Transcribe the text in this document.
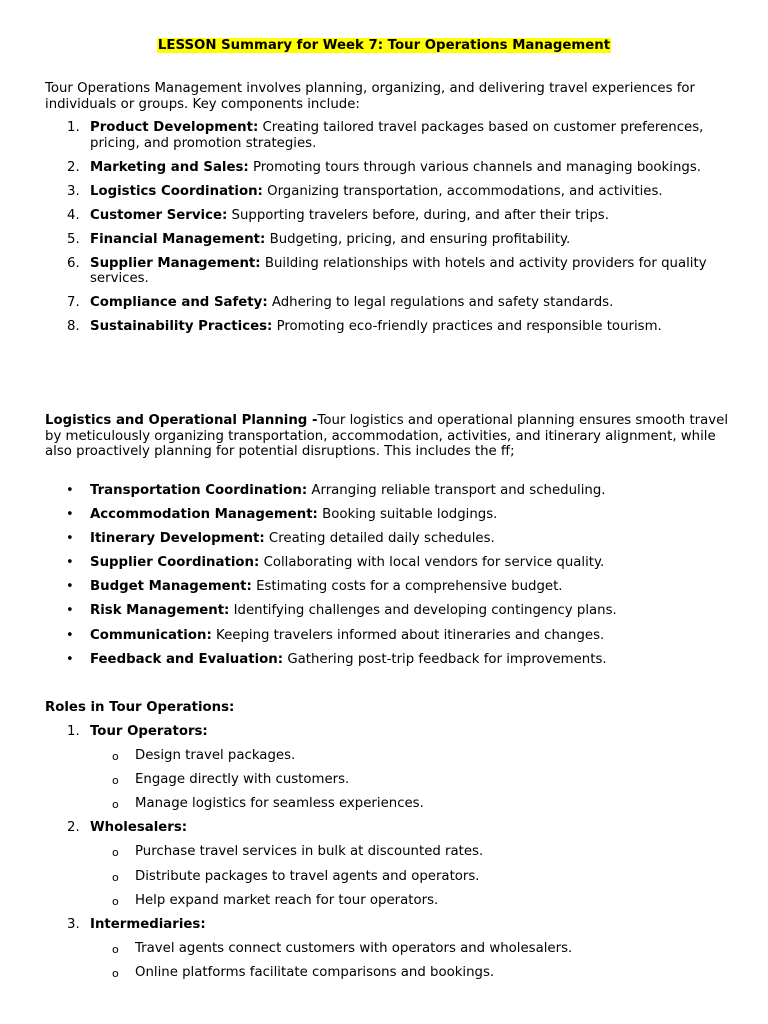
LESSON Summary for Week 7: Tour Operations Management
Tour Operations Management involves planning, organizing, and delivering travel experiences for individuals or groups. Key components include:
1. Product Development: Creating tailored travel packages based on customer preferences, pricing, and promotion strategies.
2. Marketing and Sales: Promoting tours through various channels and managing bookings.
3. Logistics Coordination: Organizing transportation, accommodations, and activities.
4. Customer Service: Supporting travelers before, during, and after their trips.
5. Financial Management: Budgeting, pricing, and ensuring profitability.
6. Supplier Management: Building relationships with hotels and activity providers for quality services.
7. Compliance and Safety: Adhering to legal regulations and safety standards.
8. Sustainability Practices: Promoting eco-friendly practices and responsible tourism.
Logistics and Operational Planning -Tour logistics and operational planning ensures smooth travel by meticulously organizing transportation, accommodation, activities, and itinerary alignment, while also proactively planning for potential disruptions. This includes the ff;
• Transportation Coordination: Arranging reliable transport and scheduling.
• Accommodation Management: Booking suitable lodgings.
• Itinerary Development: Creating detailed daily schedules.
• Supplier Coordination: Collaborating with local vendors for service quality.
• Budget Management: Estimating costs for a comprehensive budget.
• Risk Management: Identifying challenges and developing contingency plans.
• Communication: Keeping travelers informed about itineraries and changes.
• Feedback and Evaluation: Gathering post-trip feedback for improvements.
Roles in Tour Operations:
1. Tour Operators:
o Design travel packages.
o Engage directly with customers.
o Manage logistics for seamless experiences.
2. Wholesalers:
o Purchase travel services in bulk at discounted rates.
o Distribute packages to travel agents and operators.
o Help expand market reach for tour operators.
3. Intermediaries:
o Travel agents connect customers with operators and wholesalers.
o Online platforms facilitate comparisons and bookings.
